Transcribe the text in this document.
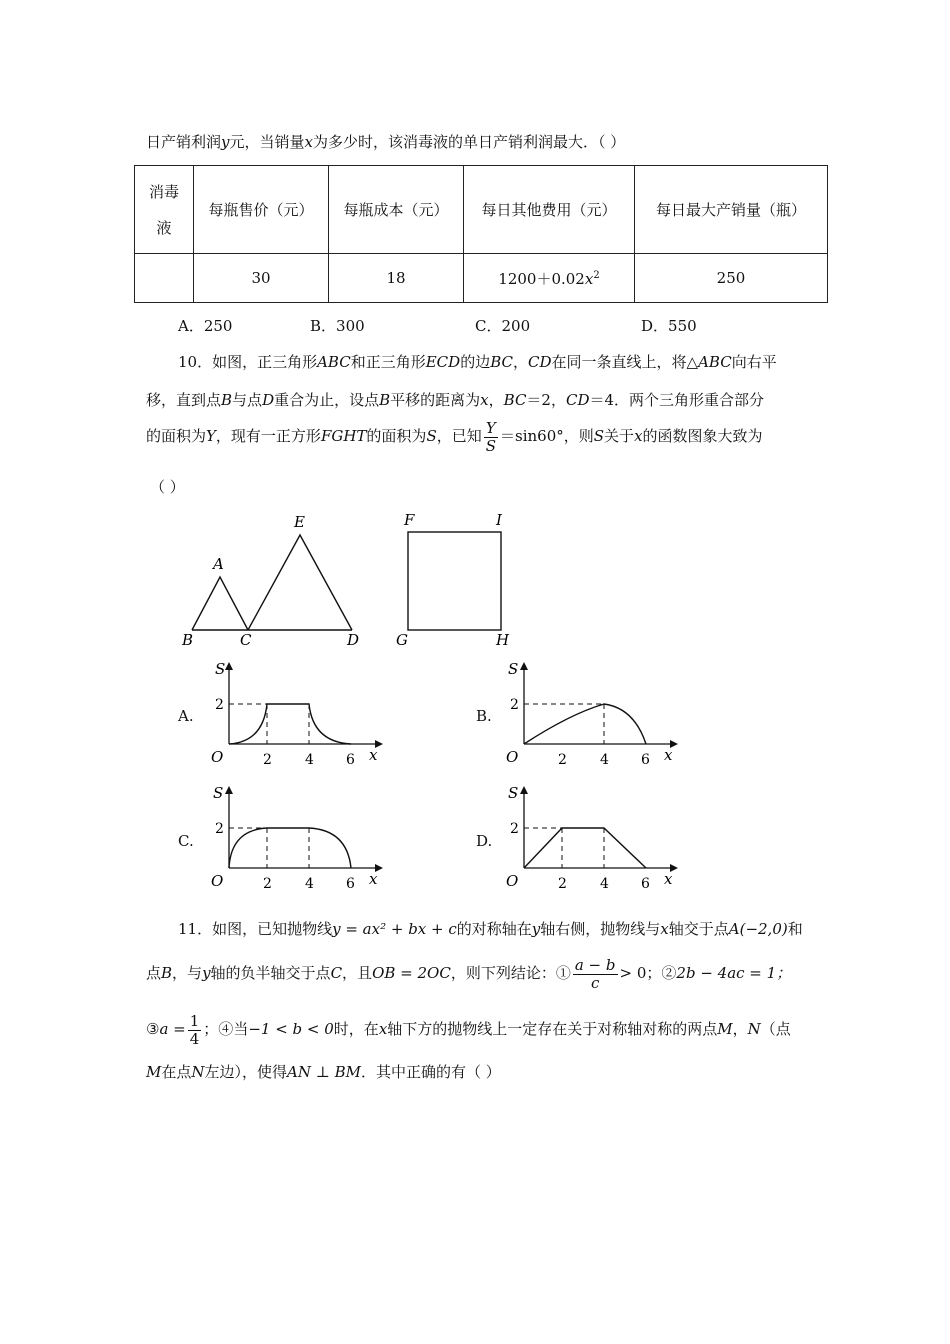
日产销利润y元，当销量x为多少时，该消毒液的单日产销利润最大．（ ）
消毒
液	每瓶售价（元）	每瓶成本（元）	每日其他费用（元）	每日最大产销量（瓶）
	30	18	$1200+0.02x^2$	250
A．250	B．300	C．200	D．550
10．如图，正三角形ABC和正三角形ECD的边BC，CD在同一条直线上，将△ABC向右平
移，直到点B与点D重合为止，设点B平移的距离为x，BC＝2，CD＝4．两个三角形重合部分
的面积为Y，现有一正方形FGHT的面积为S，已知 $\frac{Y}{S} =\sin 60^\circ$，则S关于x的函数图象大致为
（ ）
A
B	C	D
E	F	I
G	H
A.	B.
C.	D.
S
2
O	2 4 6 x
S
2
O	2 4 6 x
S
2
O	2 4 6 x
S
2
O	2 4 6 x
11．如图，已知抛物线y = ax² + bx + c的对称轴在y轴右侧，抛物线与x轴交于点A(−2,0)和
点B，与y轴的负半轴交于点C，且OB = 2OC，则下列结论：① $\frac{a - b}{c} > 0$；②2b − 4ac = 1；
③a = $\frac{1}{4}$ ；④当−1 < b < 0时，在x轴下方的抛物线上一定存在关于对称轴对称的两点M，N（点
M在点N左边），使得AN ⊥ BM．其中正确的有（ ）
